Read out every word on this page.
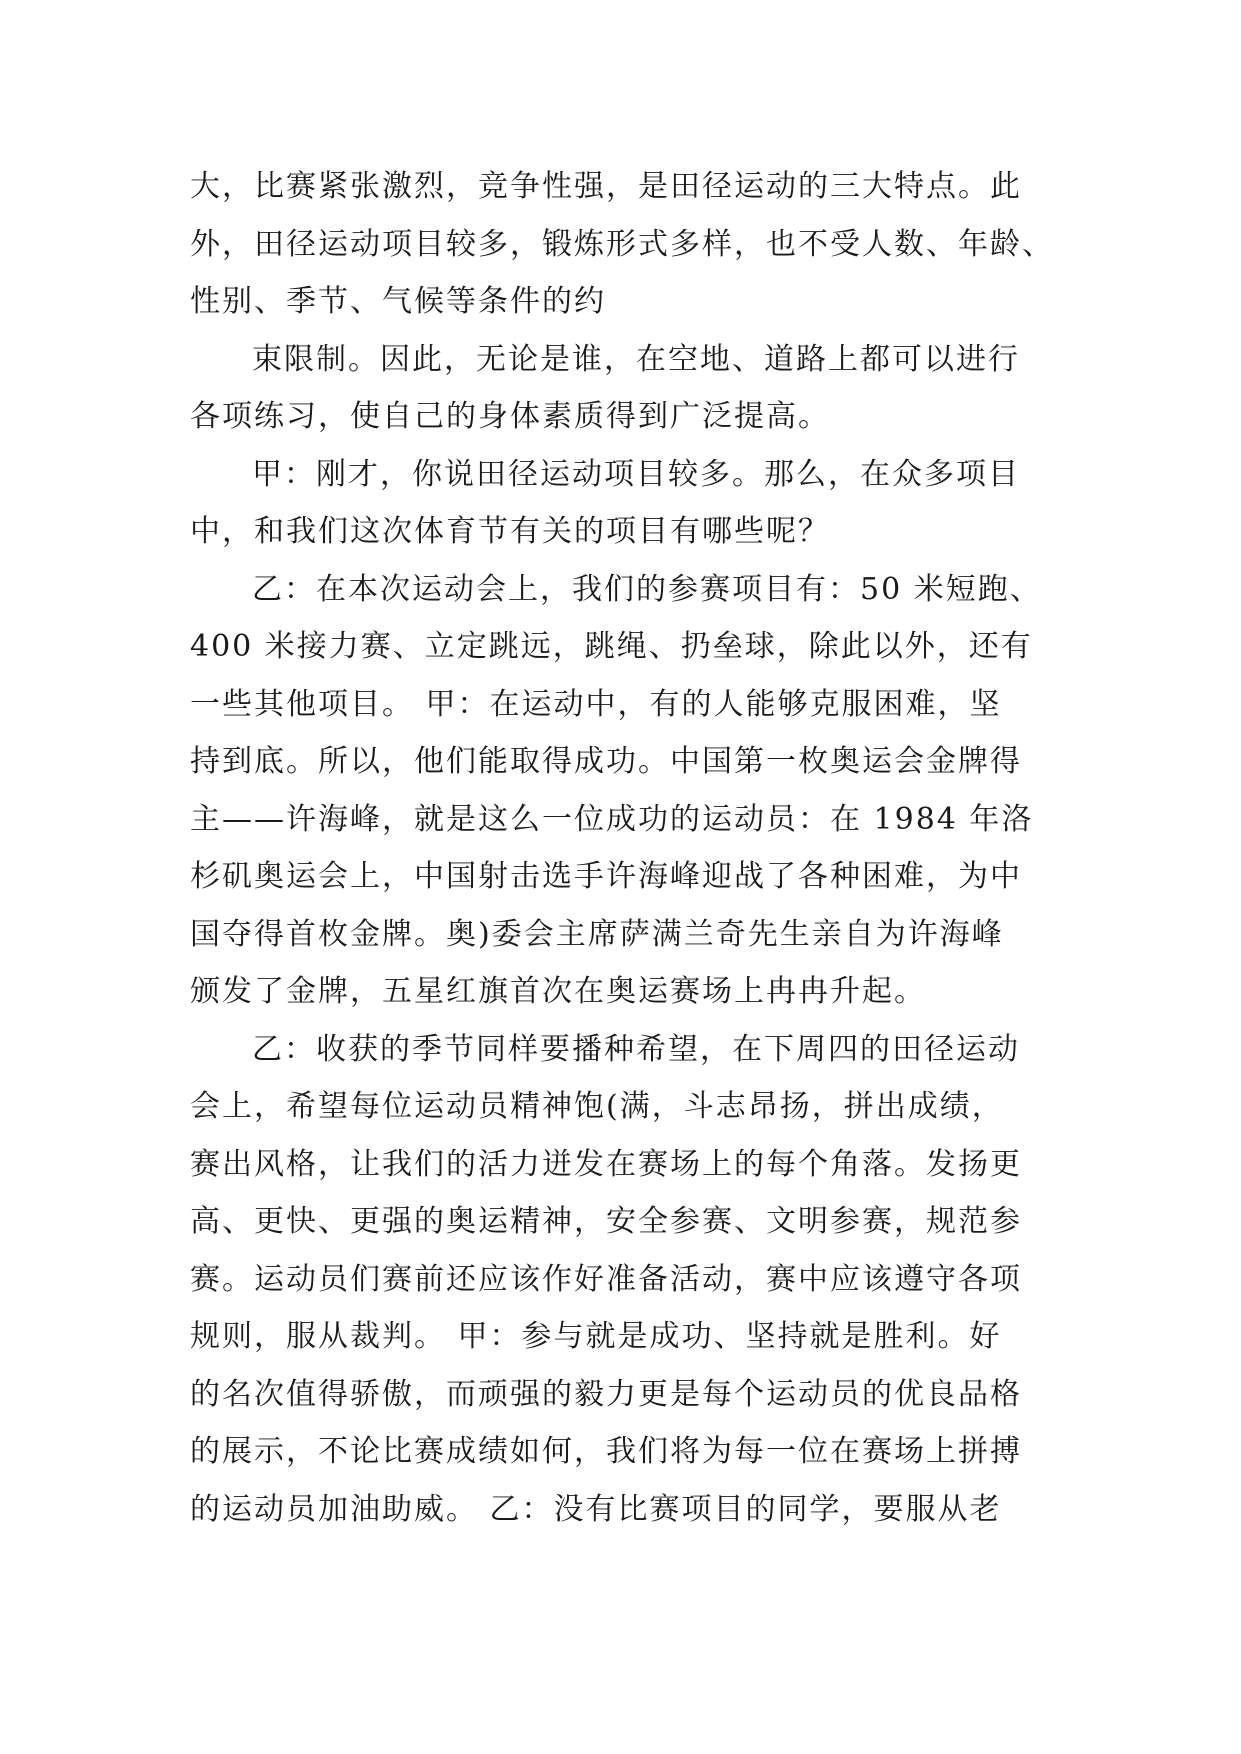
大，比赛紧张激烈，竞争性强，是田径运动的三大特点。此
外，田径运动项目较多，锻炼形式多样，也不受人数、年龄、
性别、季节、气候等条件的约
束限制。因此，无论是谁，在空地、道路上都可以进行
各项练习，使自己的身体素质得到广泛提高。
甲：刚才，你说田径运动项目较多。那么，在众多项目
中，和我们这次体育节有关的项目有哪些呢？
乙：在本次运动会上，我们的参赛项目有：50 米短跑、
400 米接力赛、立定跳远，跳绳、扔垒球，除此以外，还有
一些其他项目。 甲：在运动中，有的人能够克服困难，坚
持到底。所以，他们能取得成功。中国第一枚奥运会金牌得
主——许海峰，就是这么一位成功的运动员：在 1984 年洛
杉矶奥运会上，中国射击选手许海峰迎战了各种困难，为中
国夺得首枚金牌。奥)委会主席萨满兰奇先生亲自为许海峰
颁发了金牌，五星红旗首次在奥运赛场上冉冉升起。
乙：收获的季节同样要播种希望，在下周四的田径运动
会上，希望每位运动员精神饱(满，斗志昂扬，拼出成绩，
赛出风格，让我们的活力迸发在赛场上的每个角落。发扬更
高、更快、更强的奥运精神，安全参赛、文明参赛，规范参
赛。运动员们赛前还应该作好准备活动，赛中应该遵守各项
规则，服从裁判。 甲：参与就是成功、坚持就是胜利。好
的名次值得骄傲，而顽强的毅力更是每个运动员的优良品格
的展示，不论比赛成绩如何，我们将为每一位在赛场上拼搏
的运动员加油助威。 乙：没有比赛项目的同学，要服从老
